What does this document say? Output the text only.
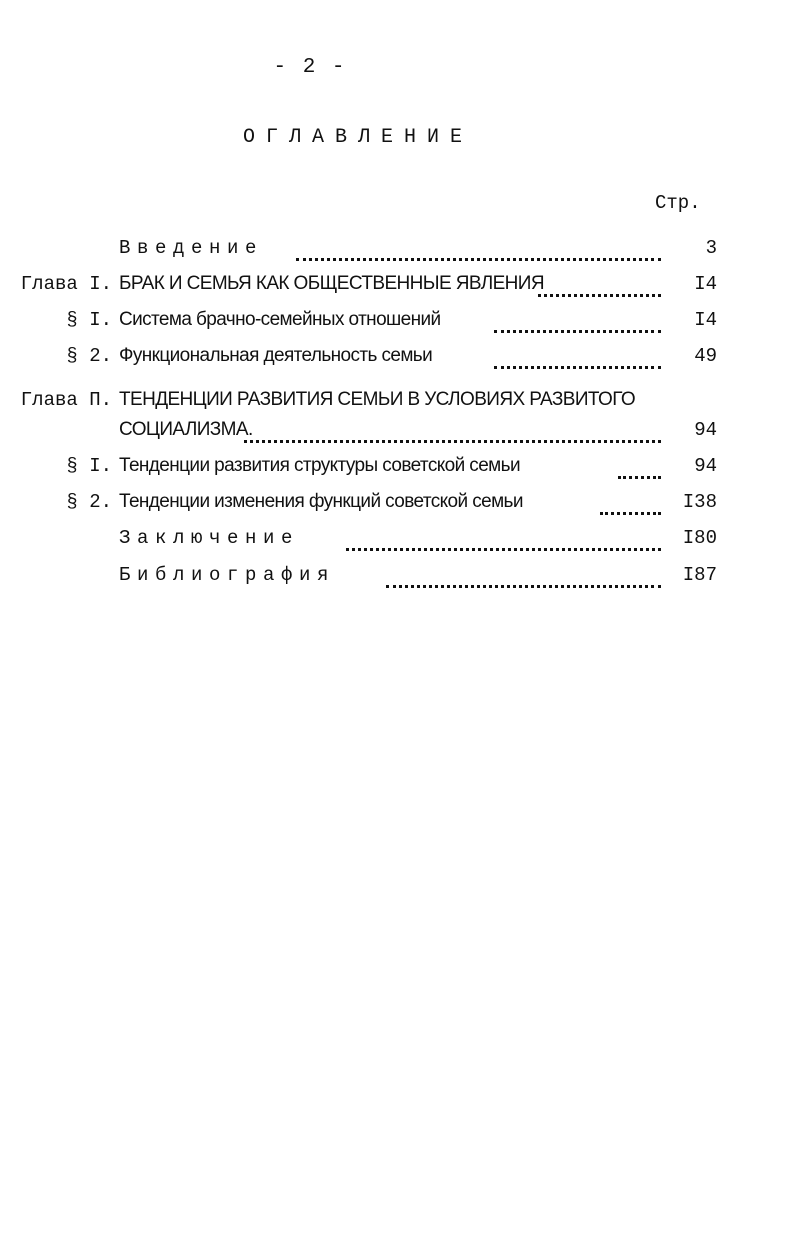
- 2 -
ОГЛАВЛЕНИЕ
Стр.
Введение	3
Глава I. БРАК И СЕМЬЯ КАК ОБЩЕСТВЕННЫЕ ЯВЛЕНИЯ	I4
§ I. Система брачно-семейных отношений	I4
§ 2. Функциональная деятельность семьи	49
Глава П. ТЕНДЕНЦИИ РАЗВИТИЯ СЕМЬИ В УСЛОВИЯХ РАЗВИТОГО
СОЦИАЛИЗМА.	94
§ I. Тенденции развития структуры советской семьи	94
§ 2. Тенденции изменения функций советской семьи	I38
Заключение	I80
Библиография	I87
